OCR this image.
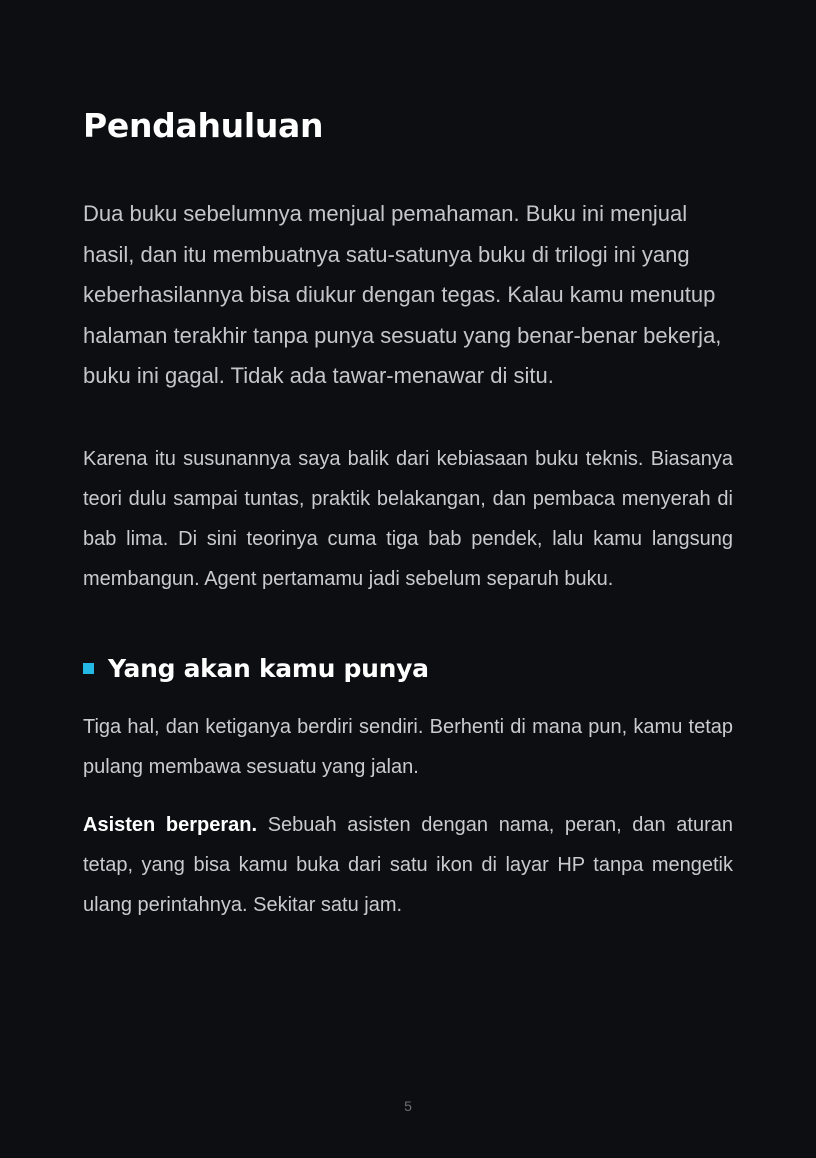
Pendahuluan

Dua buku sebelumnya menjual pemahaman. Buku ini menjual hasil, dan itu membuatnya satu-satunya buku di trilogi ini yang keberhasilannya bisa diukur dengan tegas. Kalau kamu menutup halaman terakhir tanpa punya sesuatu yang benar-benar bekerja, buku ini gagal. Tidak ada tawar-menawar di situ.

Karena itu susunannya saya balik dari kebiasaan buku teknis. Biasanya teori dulu sampai tuntas, praktik belakangan, dan pembaca menyerah di bab lima. Di sini teorinya cuma tiga bab pendek, lalu kamu langsung membangun. Agent pertamamu jadi sebelum separuh buku.

Yang akan kamu punya

Tiga hal, dan ketiganya berdiri sendiri. Berhenti di mana pun, kamu tetap pulang membawa sesuatu yang jalan.

Asisten berperan. Sebuah asisten dengan nama, peran, dan aturan tetap, yang bisa kamu buka dari satu ikon di layar HP tanpa mengetik ulang perintahnya. Sekitar satu jam.

5
